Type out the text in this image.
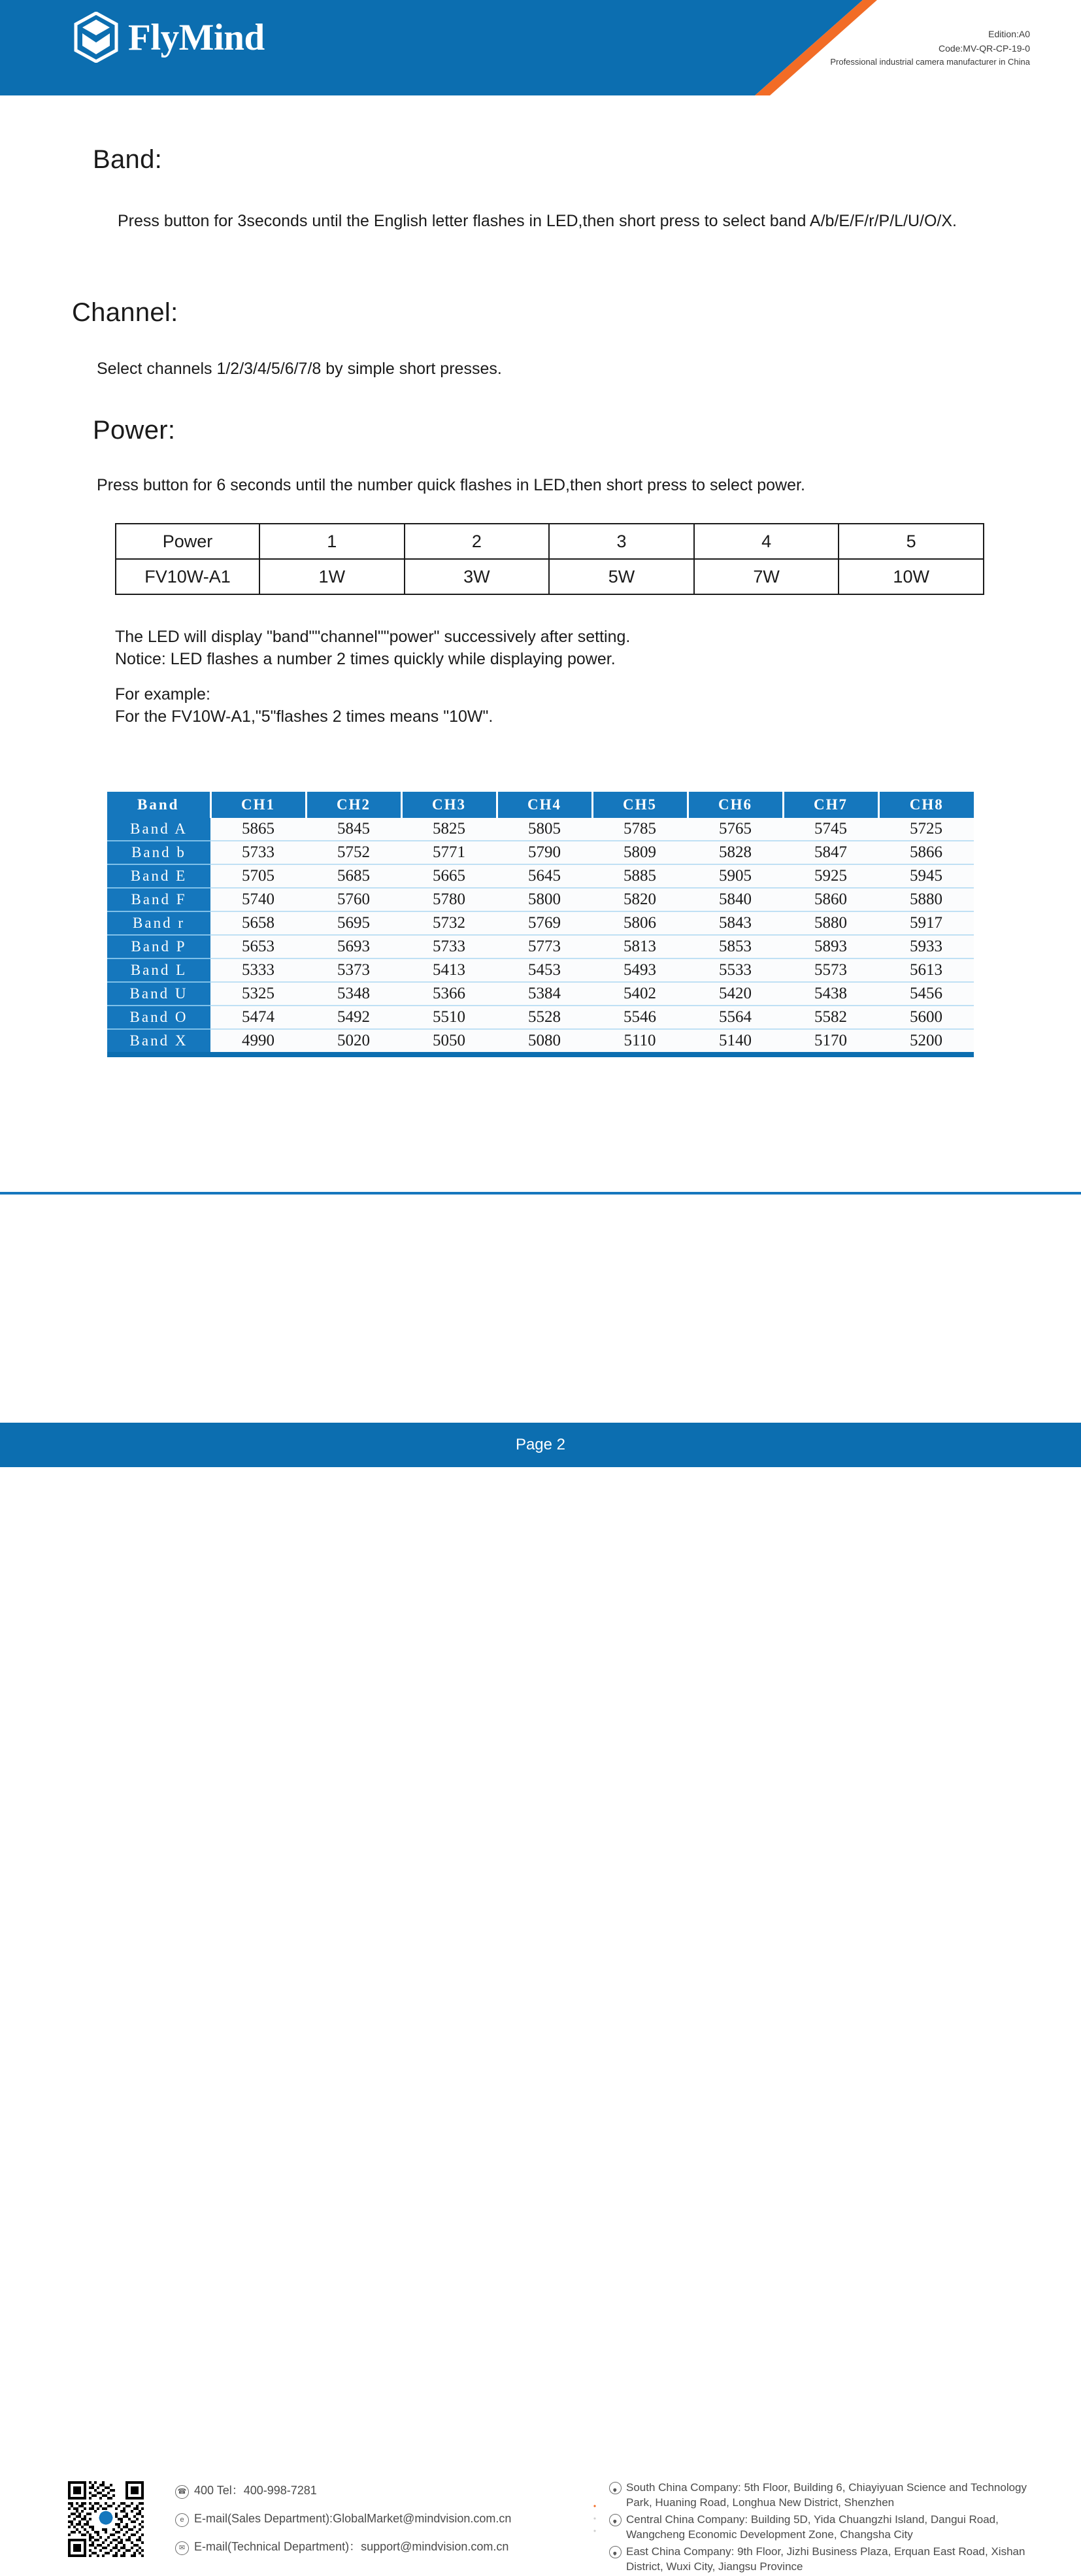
FlyMind	Edition:A0
Code:MV-QR-CP-19-0
Professional industrial camera manufacturer in China
Band:
Press button for 3seconds until the English letter flashes in LED,then short press to select band A/b/E/F/r/P/L/U/O/X.
Channel:
Select channels 1/2/3/4/5/6/7/8 by simple short presses.
Power:
Press button for 6 seconds until the number quick flashes in LED,then short press to select power.
Power	1	2	3	4	5
FV10W-A1	1W	3W	5W	7W	10W
The LED will display "band""channel""power" successively after setting.
Notice: LED flashes a number 2 times quickly while displaying power.
For example:
For the FV10W-A1,"5"flashes 2 times means "10W".
Band	CH1	CH2	CH3	CH4	CH5	CH6	CH7	CH8
Band A	5865	5845	5825	5805	5785	5765	5745	5725
Band b	5733	5752	5771	5790	5809	5828	5847	5866
Band E	5705	5685	5665	5645	5885	5905	5925	5945
Band F	5740	5760	5780	5800	5820	5840	5860	5880
Band r	5658	5695	5732	5769	5806	5843	5880	5917
Band P	5653	5693	5733	5773	5813	5853	5893	5933
Band L	5333	5373	5413	5453	5493	5533	5573	5613
Band U	5325	5348	5366	5384	5402	5420	5438	5456
Band O	5474	5492	5510	5528	5546	5564	5582	5600
Band X	4990	5020	5050	5080	5110	5140	5170	5200
☎ 400 Tel：400-998-7281
e E-mail(Sales Department):GlobalMarket@mindvision.com.cn
✉ E-mail(Technical Department)：support@mindvision.com.cn
South China Company: 5th Floor, Building 6, Chiayiyuan Science and Technology Park, Huaning Road, Longhua New District, Shenzhen
Central China Company: Building 5D, Yida Chuangzhi Island, Dangui Road, Wangcheng Economic Development Zone, Changsha City
East China Company: 9th Floor, Jizhi Business Plaza, Erquan East Road, Xishan District, Wuxi City, Jiangsu Province
Page 2
